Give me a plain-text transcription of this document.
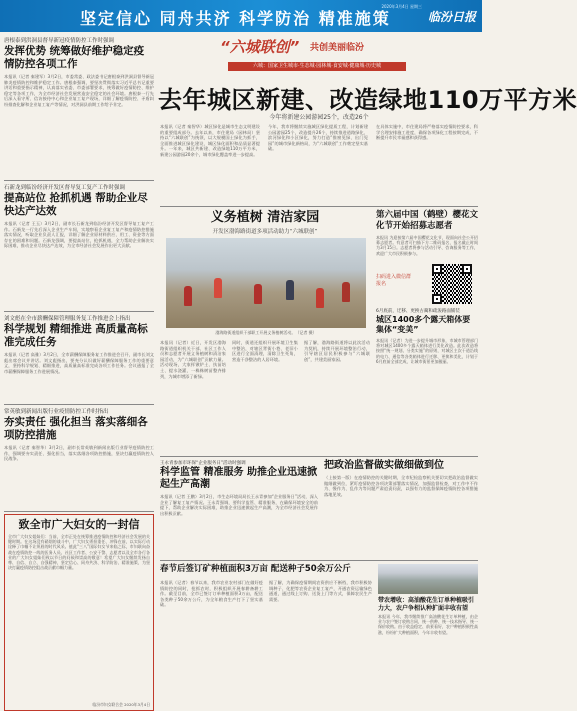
坚定信心 同舟共济 科学防治 精准施策
2020年3月4日 星期三
临汾日报
唐根泰到洪洞县督导新冠疫情防控工作时强调
发挥优势 统筹做好维护稳定疫情防控各项工作
本报讯（记者 秦建军）3月2日，市委常委、政法委书记唐根泰到洪洞县督导新冠肺炎疫情防控和维护稳定工作。唐根泰强调，要坚决贯彻落实习近平总书记重要讲话和重要指示精神，认真落实省委、市委部署要求，统筹做好疫情防控、维护稳定等各项工作，为全市经济社会发展营造安全稳定的社会环境。唐根泰一行先后深入看守所、信访接待中心和企业复工复产现场，详细了解疫情防控、矛盾纠纷排查化解和企业复工复产等情况，对洪洞县前期工作给予肯定。
石新龙到临汾经济开发区督导复工复产工作时强调
提高站位 抢抓机遇 帮助企业尽快达产达效
本报讯（记者 王玉）3月2日，副市长石新龙到临汾经济开发区督导复工复产工作。石新龙一行先后深入企业生产车间，实地察看企业复工复产和疫情防控措施落实情况，听取企业负责人汇报，详细了解企业原材料供应、用工、资金等方面存在的困难和问题。石新龙强调，要提高站位，抢抓机遇，全力帮助企业解决实际困难，推动企业尽快达产达效，为全市经济社会发展作出更大贡献。
刘文彪在全市薪酬保障管理服务复工作推进会上指出
科学规划 精细推进 高质量高标准完成任务
本报讯（记者 高雅）3月2日，全市薪酬保障服务复工作推进会召开，副市长刘文彪出席会议并讲话。刘文彪指出，要充分认识做好薪酬保障服务工作的重要意义，坚持科学规划、精细推进，高质量高标准完成各项工作任务。会议通报了全市薪酬保障服务工作进展情况。
常英敏到新闻出版行业疫情防控工作时指出
夯实责任 强化担当 落实落细各项防控措施
本报讯（记者 秦智华）3月2日，副市长常英敏到新闻出版行业督导疫情防控工作，强调要夯实责任、强化担当，落实落细各项防控措施，坚决打赢疫情防控人民战争。
致全市广大妇女的一封信
全市广大妇女姐妹们：当前，全市正处在统筹推进疫情防控和经济社会发展的关键时期。在这场没有硝烟的战斗中，广大妇女勇担重任、冲锋在前，以实际行动诠释了巾帼不让须眉的时代风采。值此“三八”国际妇女节来临之际，市妇联向奋战在疫情防控一线的医务人员、社区工作者、公安干警、志愿者以及全市各行各业的广大妇女姐妹们致以节日的问候和崇高的敬意！希望广大妇女继续发扬自尊、自信、自立、自强精神，坚定信心、同舟共济、科学防治、精准施策，为坚决打赢疫情防控阻击战贡献巾帼力量。
临汾市妇女联合会 2020年3月4日
“六城联创” 共创美丽临汾
六城：国家卫生城市·生态城·园林城·食安城·健康城·历史城
去年城区新建、改造绿地110万平方米
今年将新建公园游园25个，改造26个
本报讯（记者 秦智华）城区绿化是城市生态文明建设的重要组成部分。去年以来，市住建局（园林局）坚持以“六城联创”为统领，以大规模国土绿化为抓手，全面推进城区绿化建设，城区绿化面积和品质显著提升。一年来，城区共新建、改造绿地110万平方米，新建公园游园20余个，城市绿化覆盖率进一步提高。
今年，我市将继续实施城区绿化提质工程，计划新建公园游园25个，改造提升26个，持续推进道路绿化、滨河绿化和小区绿化，努力打造“推窗见绿、出门见园”的城市绿化新格局，为“六城联创”工作奠定坚实基础。
在具体实施中，市住建局将严格落实疫情防控要求，科学合理安排施工进度，确保各项绿化工程按期完成，不断提升市民幸福感和获得感。
义务植树 清洁家园
开发区渤海路街道多项活动助力“六城联创”
渤海路街道组织干部职工开展义务植树活动。（记者 摄）
本报讯（记者）近日，开发区渤海路街道组织机关干部、社区工作人员和志愿者开展义务植树和清洁家园活动，为“六城联创”贡献力量。活动现场，大家挥锹铲土、扶苗培土、提水浇灌，一株株树苗整齐排列，为城市增添了新绿。
同时，街道还组织开展环境卫生集中整治，对辖区背街小巷、老旧小区进行全面清理，清除卫生死角，营造干净整洁的人居环境。
据了解，渤海路街道将以此次活动为契机，持续开展环境整治行动，引导辖区居民积极参与“六城联创”，共建美丽家园。
第六届中国（鹤壁）樱花文化节开始招募志愿者
本报讯 为迎接第六届中国樱花文化节，现面向社会公开招募志愿者。有意者可扫描下方二维码报名，报名截止时间为3月15日。志愿者将参与活动引导、咨询服务等工作，欢迎广大市民积极参与。
扫码进入微信群报名
6月底前，迁移、更换古蔺和疏浚路面铺装
城区1400多个露天箱体要集体“变美”
本报讯（记者）为进一步提升城市形象，市城市管理部门将对城区1400多个露天箱体进行美化改造。此次改造将按照“统一规划、分类实施”的原则，对城区主次干道沿线的电力、通信等各类箱体进行迁移、更换和美化，计划于6月底前全部完成，让城市街景更加靓丽。
王永青参加市环保“企业服务日”活动时强调
科学监管 精准服务 助推企业迅速掀起生产高潮
本报讯（记者 王鹏）3月2日，市生态环境局局长王永青参加“企业服务日”活动，深入企业了解复工复产情况。王永青强调，要科学监管、精准服务，在确保环境安全的前提下，帮助企业解决实际困难，助推企业迅速掀起生产高潮，为全市经济社会发展作出积极贡献。
把政治监督做实做细做到位
（上接第一版）在疫情防控的关键时期，全市纪检监察机关要切实把政治监督做实做细做到位，紧盯疫情防控各项决策部署落实情况，加强监督检查，对工作中不作为、慢作为、乱作为等问题严肃追责问责，以强有力的监督保障疫情防控各项措施落地见效。
春节后签订矿种植面积3万亩 配送种子50余万公斤
本报讯（记者）春节以来，我市农业农村部门在做好疫情防控的同时，抢抓农时，积极组织开展春耕备耕工作。截至目前，全市已签订订单种植面积3万亩，配送各类种子50余万公斤，为全年粮食生产打下了坚实基础。
据了解，为确保疫情期间农资供应不断档，我市积极协调种子、化肥等农资企业复工复产，开通农资运输绿色通道，通过线上订购、送货上门等方式，保障农民生产需要。	带农增收：高油酸花生订单种植吸引力大，农户争相认种扩面丰收有望
本报讯 今年，我市继续推广高油酸花生订单种植，由企业与农户签订收购合同，统一供种、统一技术指导、统一保价收购。由于收益稳定、前景看好，农户种植积极性高涨，纷纷扩大种植面积，今年丰收有望。
